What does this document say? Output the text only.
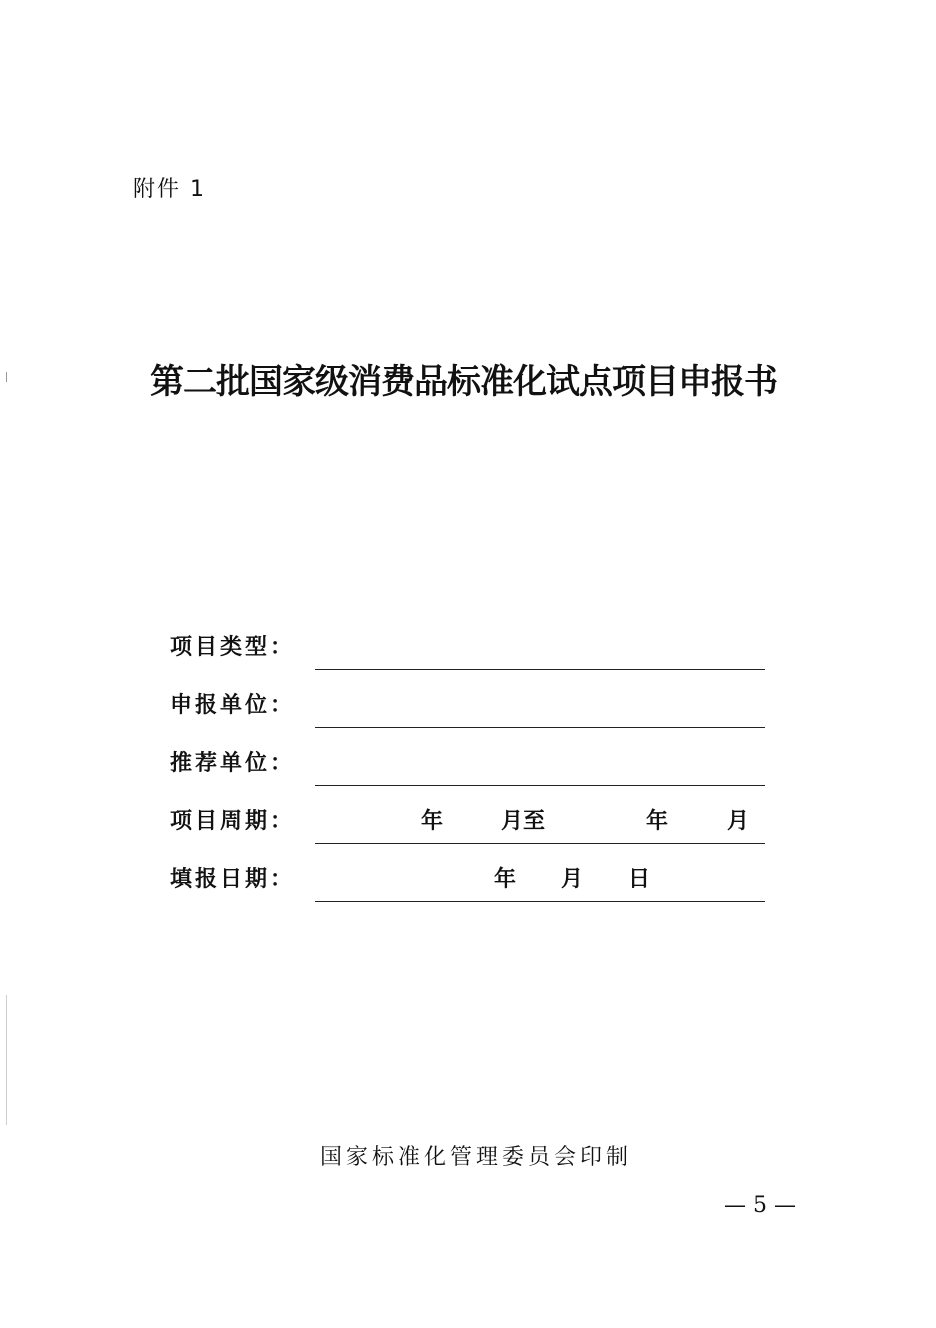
附件 1
第二批国家级消费品标准化试点项目申报书
项目类型：
申报单位：
推荐单位：
项目周期：	年	月至	年	月
填报日期：	年 月 日
国家标准化管理委员会印制
— 5 —
